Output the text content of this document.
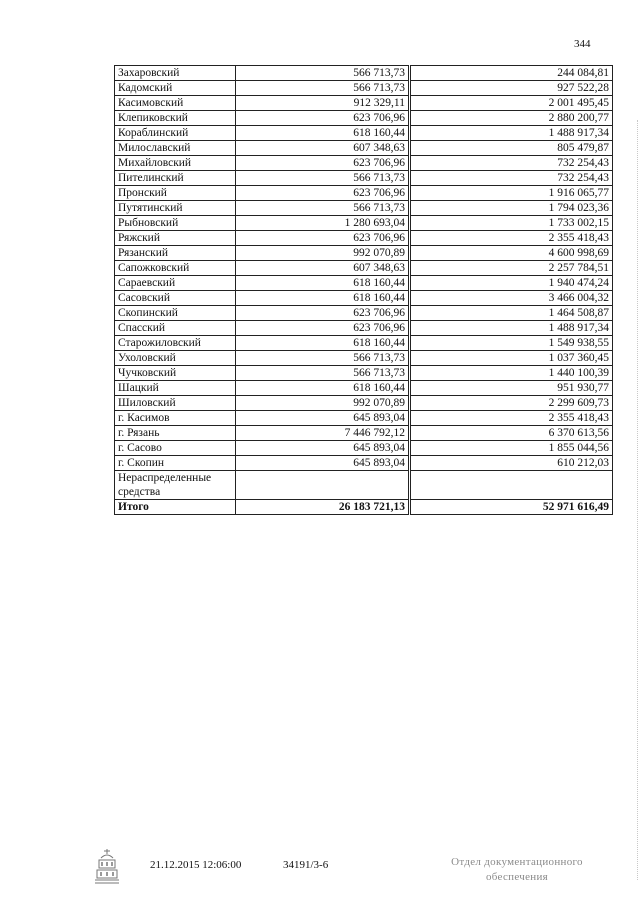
344
Захаровский	566 713,73	244 084,81
Кадомский	566 713,73	927 522,28
Касимовский	912 329,11	2 001 495,45
Клепиковский	623 706,96	2 880 200,77
Кораблинский	618 160,44	1 488 917,34
Милославский	607 348,63	805 479,87
Михайловский	623 706,96	732 254,43
Пителинский	566 713,73	732 254,43
Пронский	623 706,96	1 916 065,77
Путятинский	566 713,73	1 794 023,36
Рыбновский	1 280 693,04	1 733 002,15
Ряжский	623 706,96	2 355 418,43
Рязанский	992 070,89	4 600 998,69
Сапожковский	607 348,63	2 257 784,51
Сараевский	618 160,44	1 940 474,24
Сасовский	618 160,44	3 466 004,32
Скопинский	623 706,96	1 464 508,87
Спасский	623 706,96	1 488 917,34
Старожиловский	618 160,44	1 549 938,55
Ухоловский	566 713,73	1 037 360,45
Чучковский	566 713,73	1 440 100,39
Шацкий	618 160,44	951 930,77
Шиловский	992 070,89	2 299 609,73
г. Касимов	645 893,04	2 355 418,43
г. Рязань	7 446 792,12	6 370 613,56
г. Сасово	645 893,04	1 855 044,56
г. Скопин	645 893,04	610 212,03
Нераспределенные средства		
Итого	26 183 721,13	52 971 616,49
21.12.2015 12:06:00	34191/3-6	Отдел документационного
обеспечения
